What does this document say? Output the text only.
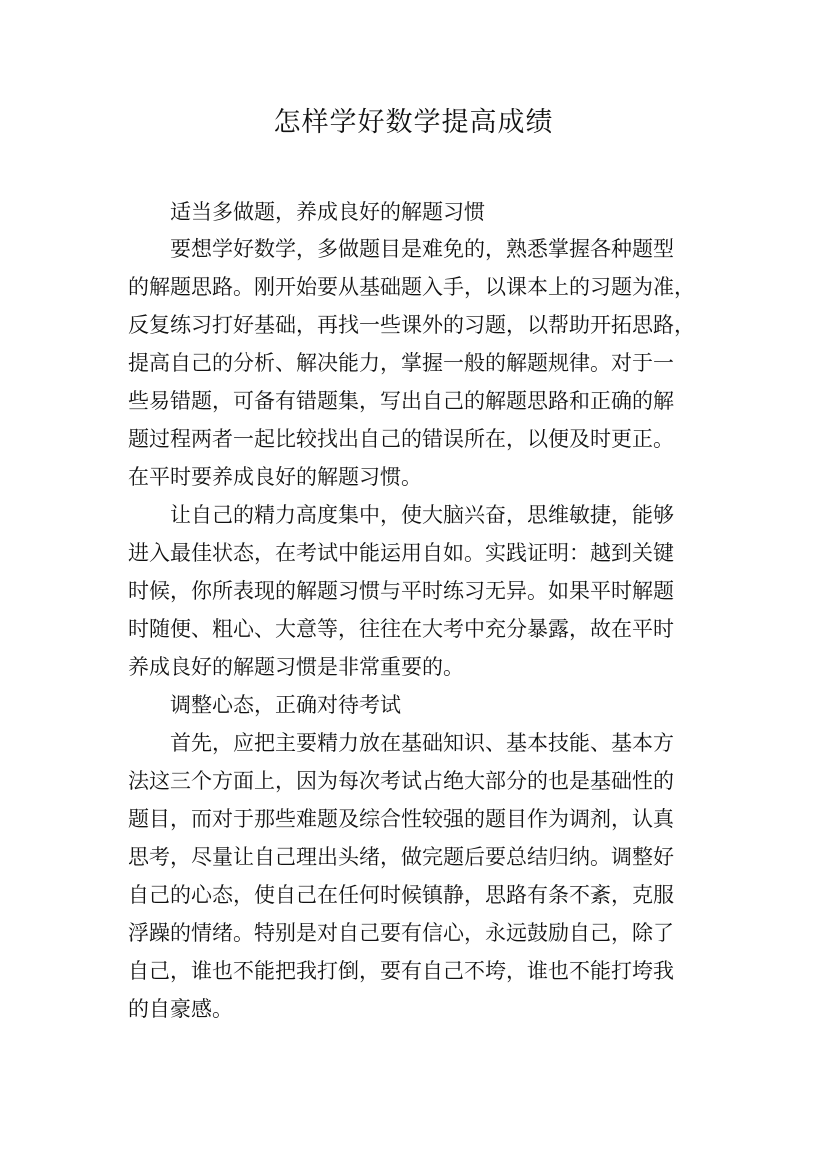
怎样学好数学提高成绩
适当多做题，养成良好的解题习惯
要想学好数学，多做题目是难免的，熟悉掌握各种题型
的解题思路。刚开始要从基础题入手，以课本上的习题为准，
反复练习打好基础，再找一些课外的习题，以帮助开拓思路，
提高自己的分析、解决能力，掌握一般的解题规律。对于一
些易错题，可备有错题集，写出自己的解题思路和正确的解
题过程两者一起比较找出自己的错误所在，以便及时更正。
在平时要养成良好的解题习惯。
让自己的精力高度集中，使大脑兴奋，思维敏捷，能够
进入最佳状态，在考试中能运用自如。实践证明：越到关键
时候，你所表现的解题习惯与平时练习无异。如果平时解题
时随便、粗心、大意等，往往在大考中充分暴露，故在平时
养成良好的解题习惯是非常重要的。
调整心态，正确对待考试
首先，应把主要精力放在基础知识、基本技能、基本方
法这三个方面上，因为每次考试占绝大部分的也是基础性的
题目，而对于那些难题及综合性较强的题目作为调剂，认真
思考，尽量让自己理出头绪，做完题后要总结归纳。调整好
自己的心态，使自己在任何时候镇静，思路有条不紊，克服
浮躁的情绪。特别是对自己要有信心，永远鼓励自己，除了
自己，谁也不能把我打倒，要有自己不垮，谁也不能打垮我
的自豪感。
